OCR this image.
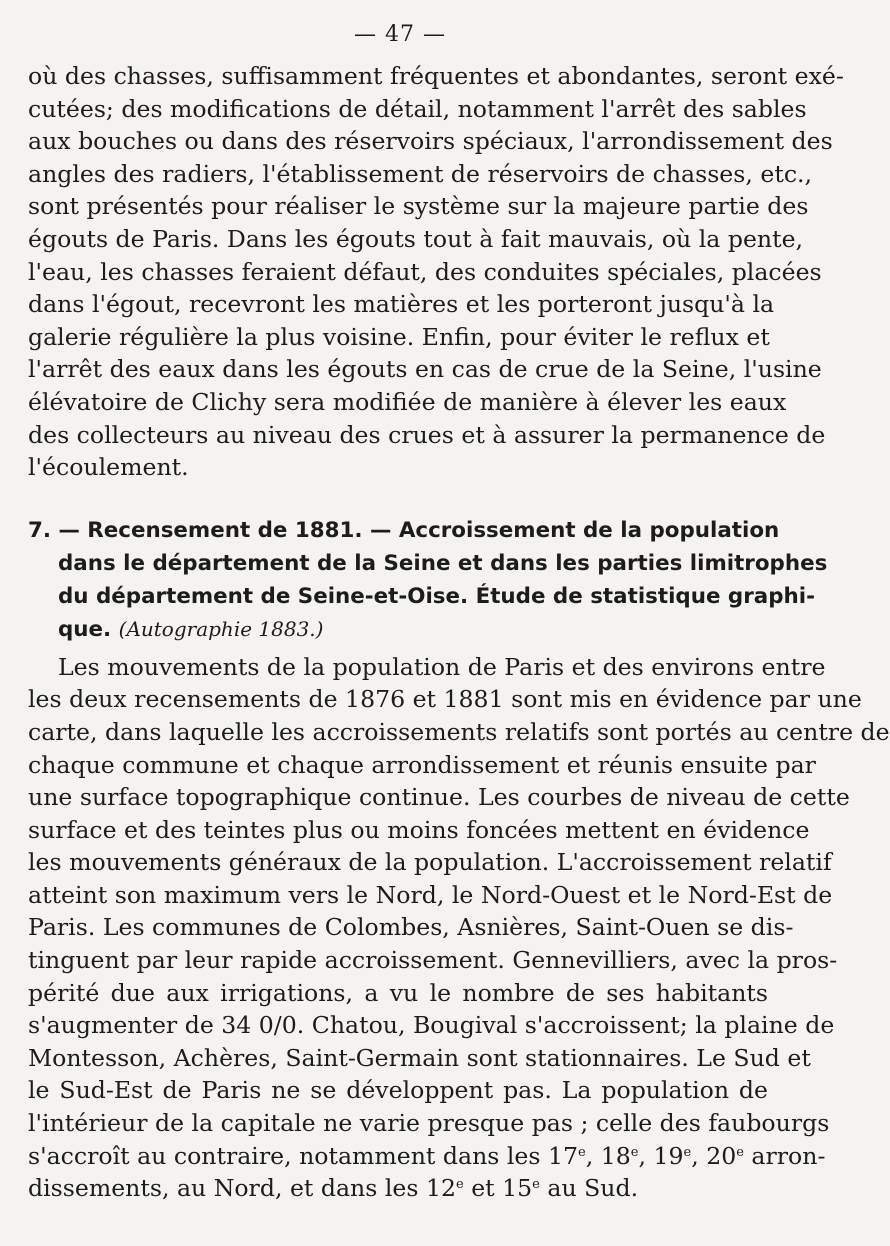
— 47 —
où des chasses, suffisamment fréquentes et abondantes, seront exé-
cutées; des modifications de détail, notamment l'arrêt des sables
aux bouches ou dans des réservoirs spéciaux, l'arrondissement des
angles des radiers, l'établissement de réservoirs de chasses, etc.,
sont présentés pour réaliser le système sur la majeure partie des
égouts de Paris. Dans les égouts tout à fait mauvais, où la pente,
l'eau, les chasses feraient défaut, des conduites spéciales, placées
dans l'égout, recevront les matières et les porteront jusqu'à la
galerie régulière la plus voisine. Enfin, pour éviter le reflux et
l'arrêt des eaux dans les égouts en cas de crue de la Seine, l'usine
élévatoire de Clichy sera modifiée de manière à élever les eaux
des collecteurs au niveau des crues et à assurer la permanence de
l'écoulement.
7. — Recensement de 1881. — Accroissement de la population
dans le département de la Seine et dans les parties limitrophes
du département de Seine-et-Oise. Étude de statistique graphi-
que. (Autographie 1883.)
Les mouvements de la population de Paris et des environs entre
les deux recensements de 1876 et 1881 sont mis en évidence par une
carte, dans laquelle les accroissements relatifs sont portés au centre de
chaque commune et chaque arrondissement et réunis ensuite par
une surface topographique continue. Les courbes de niveau de cette
surface et des teintes plus ou moins foncées mettent en évidence
les mouvements généraux de la population. L'accroissement relatif
atteint son maximum vers le Nord, le Nord-Ouest et le Nord-Est de
Paris. Les communes de Colombes, Asnières, Saint-Ouen se dis-
tinguent par leur rapide accroissement. Gennevilliers, avec la pros-
périté due aux irrigations, a vu le nombre de ses habitants
s'augmenter de 34 0/0. Chatou, Bougival s'accroissent; la plaine de
Montesson, Achères, Saint-Germain sont stationnaires. Le Sud et
le Sud-Est de Paris ne se développent pas. La population de
l'intérieur de la capitale ne varie presque pas ; celle des faubourgs
s'accroît au contraire, notamment dans les 17e, 18e, 19e, 20e arron-
dissements, au Nord, et dans les 12e et 15e au Sud.
